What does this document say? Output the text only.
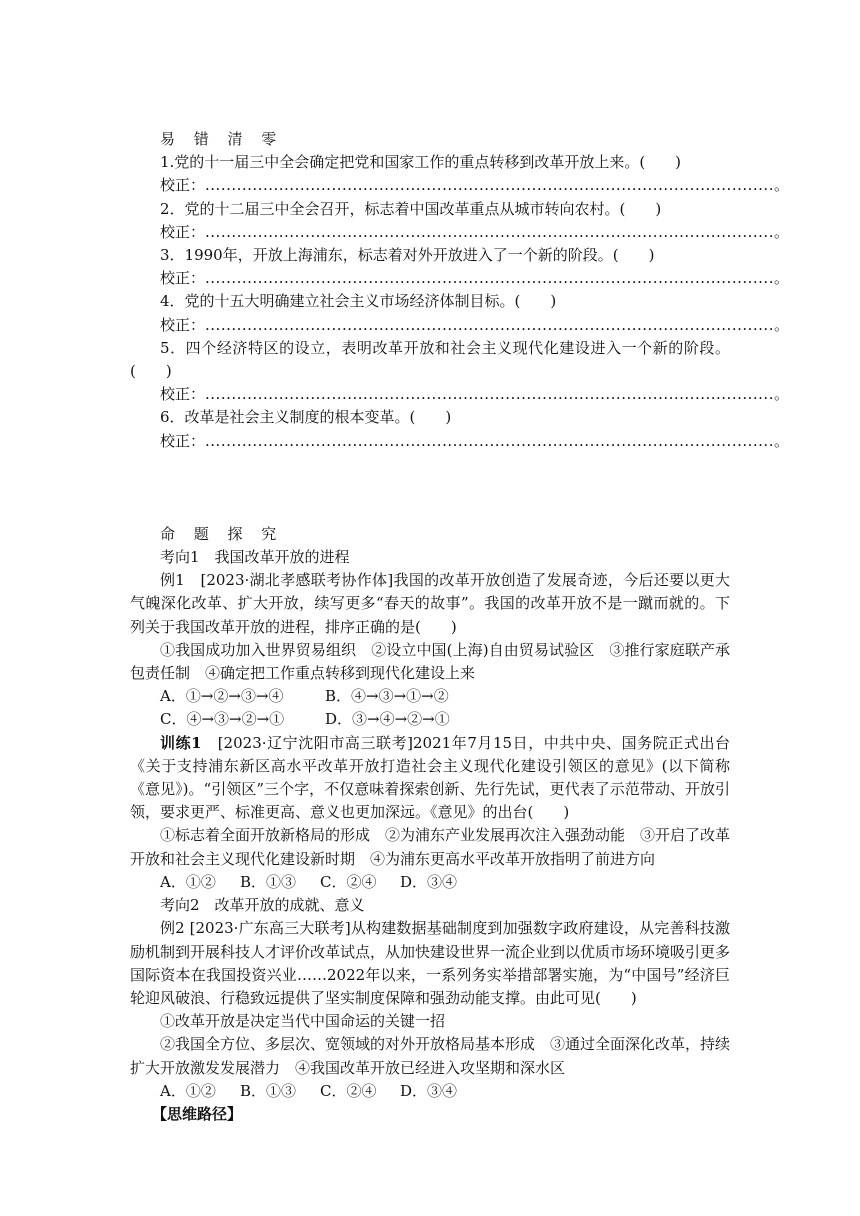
易 错 清 零
1.党的十一届三中全会确定把党和国家工作的重点转移到改革开放上来。(　　)
校正：............................................................................................................。
2．党的十二届三中全会召开，标志着中国改革重点从城市转向农村。(　　)
校正：............................................................................................................。
3．1990年，开放上海浦东，标志着对外开放进入了一个新的阶段。(　　)
校正：............................................................................................................。
4．党的十五大明确建立社会主义市场经济体制目标。(　　)
校正：............................................................................................................。
5．四个经济特区的设立，表明改革开放和社会主义现代化建设进入一个新的阶段。(　　)
校正：............................................................................................................。
6．改革是社会主义制度的根本变革。(　　)
校正：............................................................................................................。
命 题 探 究
考向1　我国改革开放的进程
例1　[2023·湖北孝感联考协作体]我国的改革开放创造了发展奇迹，今后还要以更大气魄深化改革、扩大开放，续写更多“春天的故事”。我国的改革开放不是一蹴而就的。下列关于我国改革开放的进程，排序正确的是(　　)
①我国成功加入世界贸易组织　②设立中国(上海)自由贸易试验区　③推行家庭联产承包责任制　④确定把工作重点转移到现代化建设上来
A．①→②→③→④	B．④→③→①→②
C．④→③→②→①	D．③→④→②→①
训练1　[2023·辽宁沈阳市高三联考]2021年7月15日，中共中央、国务院正式出台《关于支持浦东新区高水平改革开放打造社会主义现代化建设引领区的意见》(以下简称《意见》)。“引领区”三个字，不仅意味着探索创新、先行先试，更代表了示范带动、开放引领，要求更严、标准更高、意义也更加深远。《意见》的出台(　　)
①标志着全面开放新格局的形成　②为浦东产业发展再次注入强劲动能　③开启了改革开放和社会主义现代化建设新时期　④为浦东更高水平改革开放指明了前进方向
A．①② B．①③ C．②④ D．③④
考向2　改革开放的成就、意义
例2 [2023·广东高三大联考]从构建数据基础制度到加强数字政府建设，从完善科技激励机制到开展科技人才评价改革试点，从加快建设世界一流企业到以优质市场环境吸引更多国际资本在我国投资兴业……2022年以来，一系列务实举措部署实施，为“中国号”经济巨轮迎风破浪、行稳致远提供了坚实制度保障和强劲动能支撑。由此可见(　　)
①改革开放是决定当代中国命运的关键一招
②我国全方位、多层次、宽领域的对外开放格局基本形成　③通过全面深化改革，持续扩大开放激发发展潜力　④我国改革开放已经进入攻坚期和深水区
A．①② B．①③ C．②④ D．③④
【思维路径】
